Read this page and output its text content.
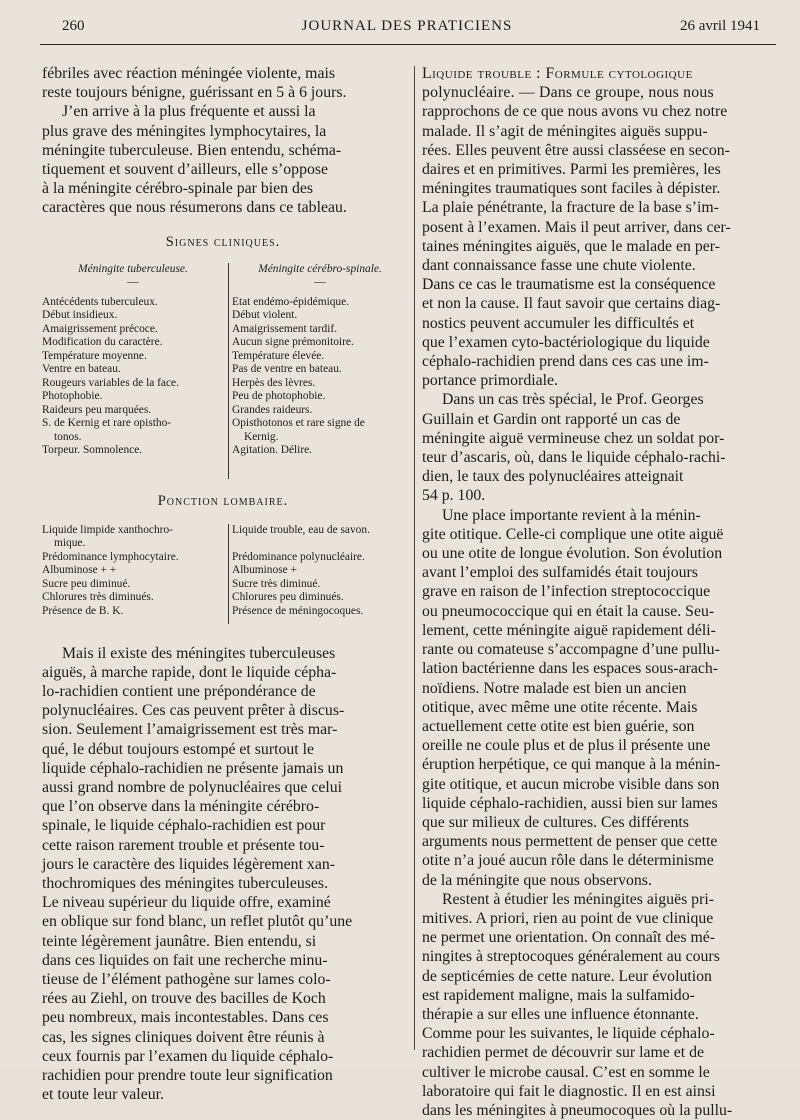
260	JOURNAL DES PRATICIENS	26 avril 1941
fébriles avec réaction méningée violente, mais
reste toujours bénigne, guérissant en 5 à 6 jours.
J’en arrive à la plus fréquente et aussi la
plus grave des méningites lymphocytaires, la
méningite tuberculeuse. Bien entendu, schéma-
tiquement et souvent d’ailleurs, elle s’oppose
à la méningite cérébro-spinale par bien des
caractères que nous résumerons dans ce tableau.
Signes cliniques.
Méningite tuberculeuse.
—
Antécédents tuberculeux.
Début insidieux.
Amaigrissement précoce.
Modification du caractère.
Température moyenne.
Ventre en bateau.
Rougeurs variables de la face.
Photophobie.
Raideurs peu marquées.
S. de Kernig et rare opistho-
tonos.
Torpeur. Somnolence.
Méningite cérébro-spinale.
—
Etat endémo-épidémique.
Début violent.
Amaigrissement tardif.
Aucun signe prémonitoire.
Température élevée.
Pas de ventre en bateau.
Herpès des lèvres.
Peu de photophobie.
Grandes raideurs.
Opisthotonos et rare signe de
Kernig.
Agitation. Délire.
Ponction lombaire.
Liquide limpide xanthochro-
mique.
Prédominance lymphocytaire.
Albuminose + +
Sucre peu diminué.
Chlorures très diminués.
Présence de B. K.
Liquide trouble, eau de savon.

Prédominance polynucléaire.
Albuminose +
Sucre très diminué.
Chlorures peu diminués.
Présence de méningocoques.
Mais il existe des méningites tuberculeuses
aiguës, à marche rapide, dont le liquide cépha-
lo-rachidien contient une prépondérance de
polynucléaires. Ces cas peuvent prêter à discus-
sion. Seulement l’amaigrissement est très mar-
qué, le début toujours estompé et surtout le
liquide céphalo-rachidien ne présente jamais un
aussi grand nombre de polynucléaires que celui
que l’on observe dans la méningite cérébro-
spinale, le liquide céphalo-rachidien est pour
cette raison rarement trouble et présente tou-
jours le caractère des liquides légèrement xan-
thochromiques des méningites tuberculeuses.
Le niveau supérieur du liquide offre, examiné
en oblique sur fond blanc, un reflet plutôt qu’une
teinte légèrement jaunâtre. Bien entendu, si
dans ces liquides on fait une recherche minu-
tieuse de l’élément pathogène sur lames colo-
rées au Ziehl, on trouve des bacilles de Koch
peu nombreux, mais incontestables. Dans ces
cas, les signes cliniques doivent être réunis à
ceux fournis par l’examen du liquide céphalo-
rachidien pour prendre toute leur signification
et toute leur valeur.
Liquide trouble : Formule cytologique
polynucléaire. — Dans ce groupe, nous nous
rapprochons de ce que nous avons vu chez notre
malade. Il s’agit de méningites aiguës suppu-
rées. Elles peuvent être aussi classéese en secon-
daires et en primitives. Parmi les premières, les
méningites traumatiques sont faciles à dépister.
La plaie pénétrante, la fracture de la base s’im-
posent à l’examen. Mais il peut arriver, dans cer-
taines méningites aiguës, que le malade en per-
dant connaissance fasse une chute violente.
Dans ce cas le traumatisme est la conséquence
et non la cause. Il faut savoir que certains diag-
nostics peuvent accumuler les difficultés et
que l’examen cyto-bactériologique du liquide
céphalo-rachidien prend dans ces cas une im-
portance primordiale.
Dans un cas très spécial, le Prof. Georges
Guillain et Gardin ont rapporté un cas de
méningite aiguë vermineuse chez un soldat por-
teur d’ascaris, où, dans le liquide céphalo-rachi-
dien, le taux des polynucléaires atteignait
54 p. 100.
Une place importante revient à la ménin-
gite otitique. Celle-ci complique une otite aiguë
ou une otite de longue évolution. Son évolution
avant l’emploi des sulfamidés était toujours
grave en raison de l’infection streptococcique
ou pneumococcique qui en était la cause. Seu-
lement, cette méningite aiguë rapidement déli-
rante ou comateuse s’accompagne d’une pullu-
lation bactérienne dans les espaces sous-arach-
noïdiens. Notre malade est bien un ancien
otitique, avec même une otite récente. Mais
actuellement cette otite est bien guérie, son
oreille ne coule plus et de plus il présente une
éruption herpétique, ce qui manque à la ménin-
gite otitique, et aucun microbe visible dans son
liquide céphalo-rachidien, aussi bien sur lames
que sur milieux de cultures. Ces différents
arguments nous permettent de penser que cette
otite n’a joué aucun rôle dans le déterminisme
de la méningite que nous observons.
Restent à étudier les méningites aiguës pri-
mitives. A priori, rien au point de vue clinique
ne permet une orientation. On connaît des mé-
ningites à streptocoques généralement au cours
de septicémies de cette nature. Leur évolution
est rapidement maligne, mais la sulfamido-
thérapie a sur elles une influence étonnante.
Comme pour les suivantes, le liquide céphalo-
rachidien permet de découvrir sur lame et de
cultiver le microbe causal. C’est en somme le
laboratoire qui fait le diagnostic. Il en est ainsi
dans les méningites à pneumocoques où la pullu-
